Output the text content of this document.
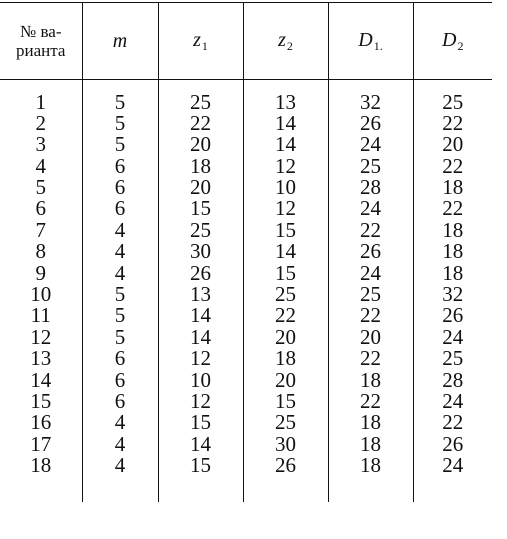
№ ва-
рианта	m	$z_1$	$z_2$	$D_{1.}$	$D_2$

1	5	25	13	32	25
2	5	22	14	26	22
3	5	20	14	24	20
4	6	18	12	25	22
5	6	20	10	28	18
6	6	15	12	24	22
7	4	25	15	22	18
8	4	30	14	26	18
9	4	26	15	24	18
10	5	13	25	25	32
11	5	14	22	22	26
12	5	14	20	20	24
13	6	12	18	22	25
14	6	10	20	18	28
15	6	12	15	22	24
16	4	15	25	18	22
17	4	14	30	18	26
18	4	15	26	18	24
